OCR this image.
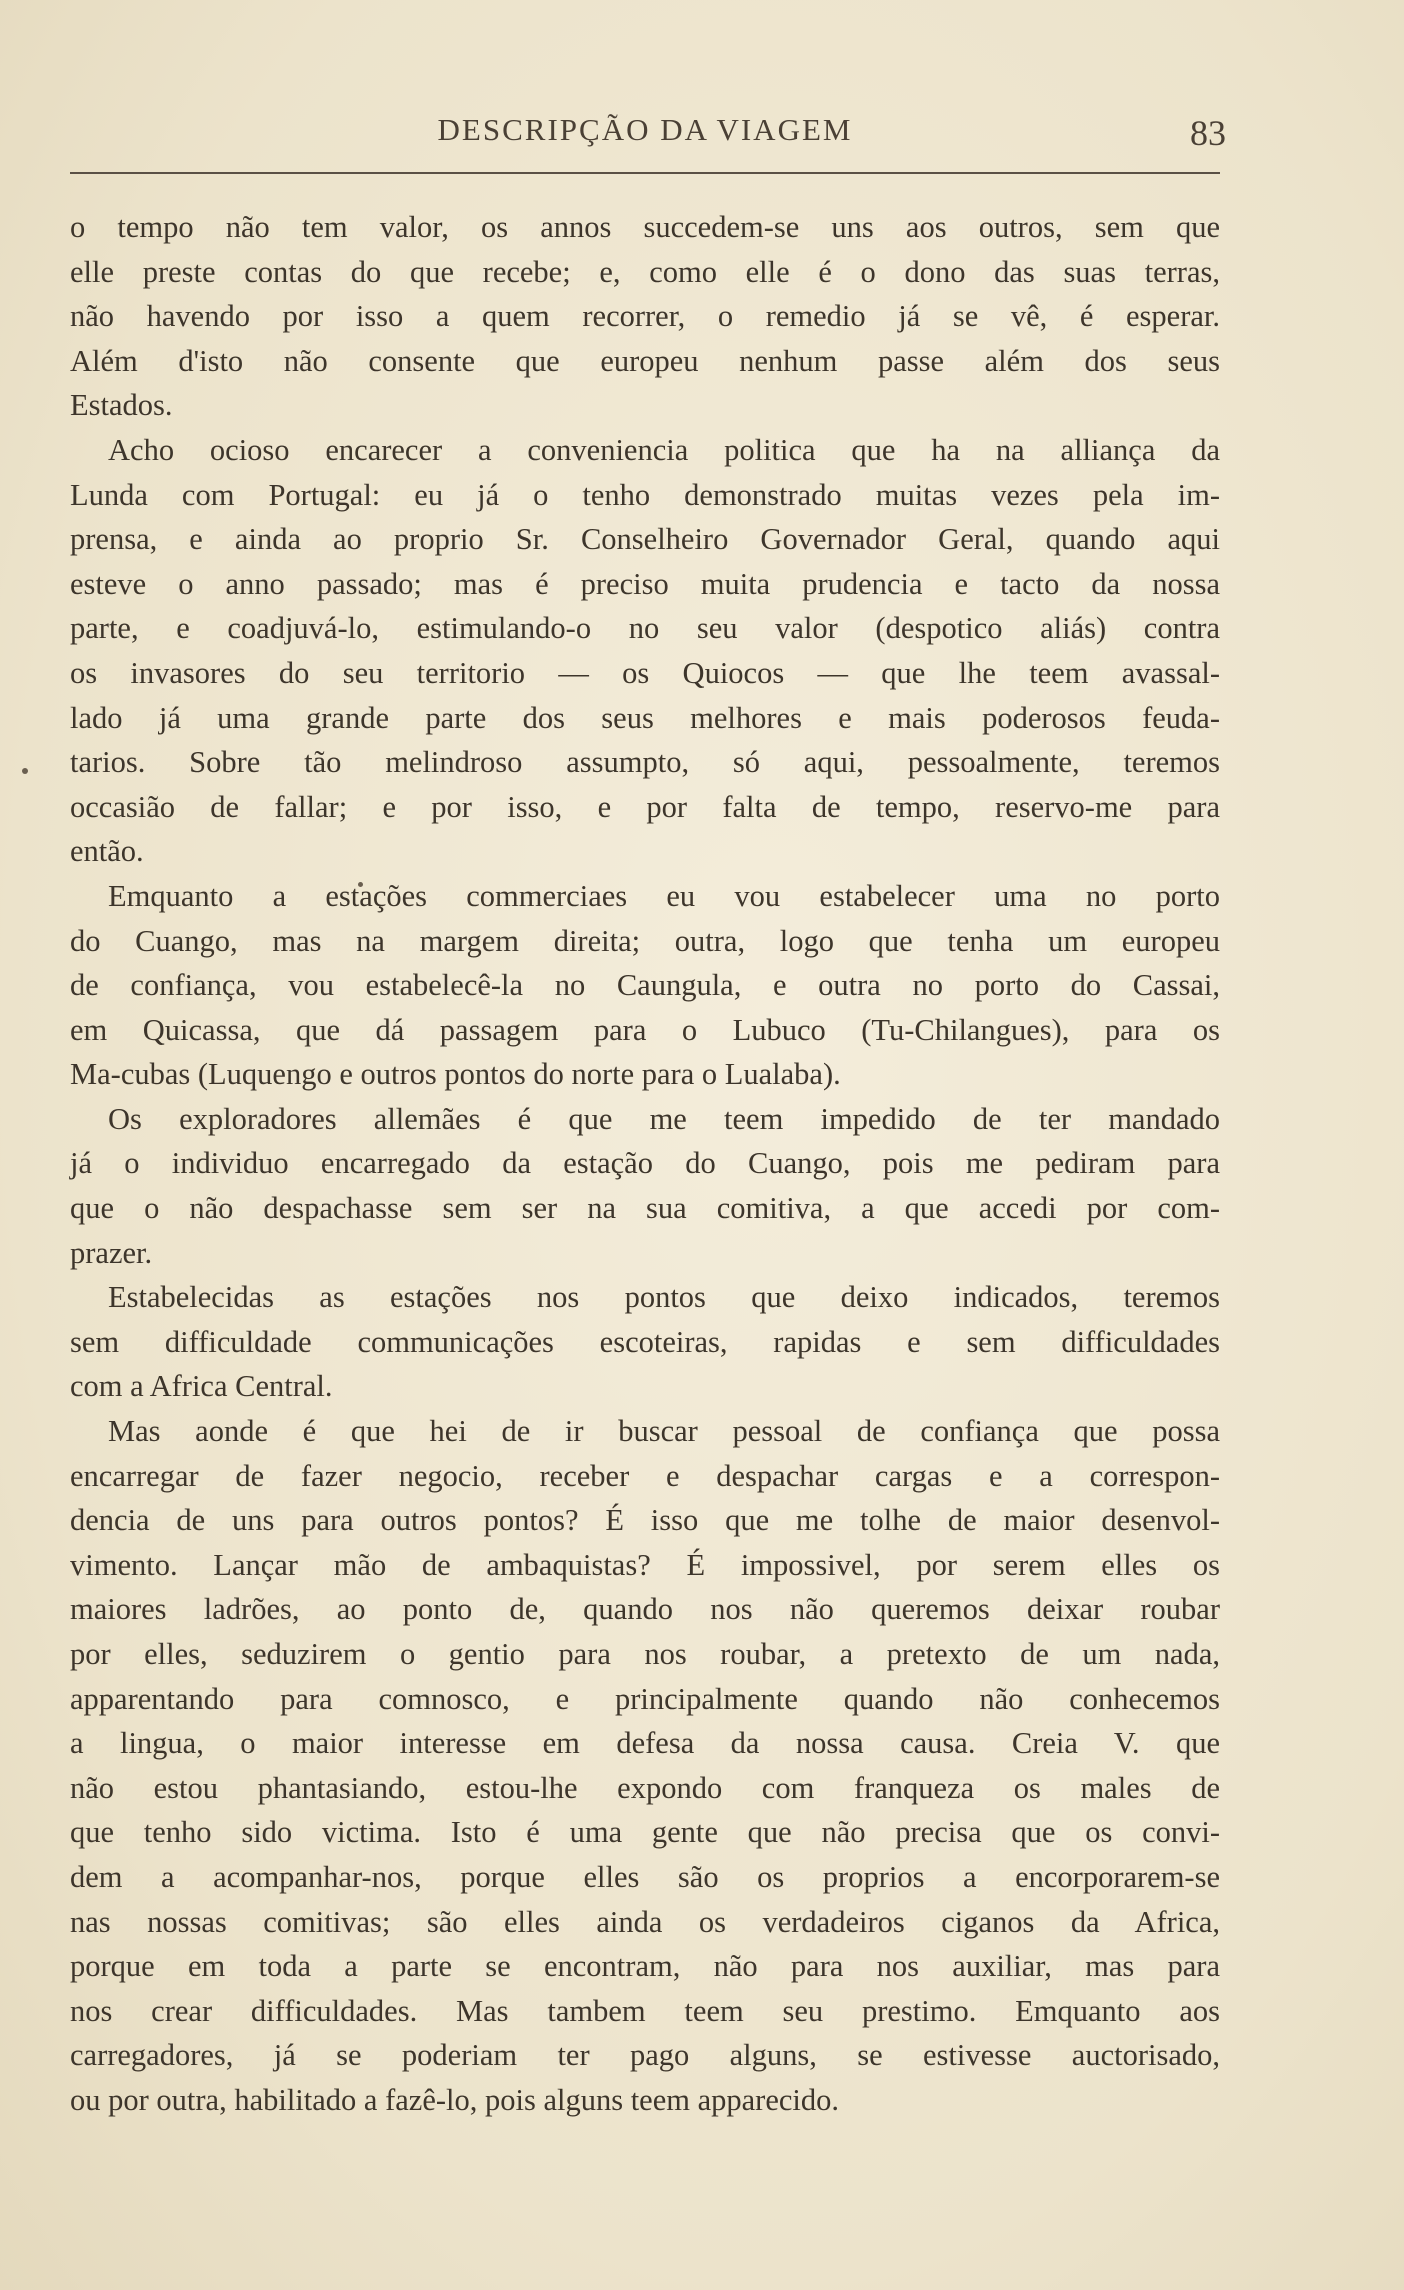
DESCRIPÇÃO DA VIAGEM	83
o tempo não tem valor, os annos succedem-se uns aos outros, sem que
elle preste contas do que recebe; e, como elle é o dono das suas terras,
não havendo por isso a quem recorrer, o remedio já se vê, é esperar.
Além d'isto não consente que europeu nenhum passe além dos seus
Estados.
Acho ocioso encarecer a conveniencia politica que ha na alliança da
Lunda com Portugal: eu já o tenho demonstrado muitas vezes pela im-
prensa, e ainda ao proprio Sr. Conselheiro Governador Geral, quando aqui
esteve o anno passado; mas é preciso muita prudencia e tacto da nossa
parte, e coadjuvá-lo, estimulando-o no seu valor (despotico aliás) contra
os invasores do seu territorio — os Quiocos — que lhe teem avassal-
lado já uma grande parte dos seus melhores e mais poderosos feuda-
tarios. Sobre tão melindroso assumpto, só aqui, pessoalmente, teremos
occasião de fallar; e por isso, e por falta de tempo, reservo-me para
então.
Emquanto a estações commerciaes eu vou estabelecer uma no porto
do Cuango, mas na margem direita; outra, logo que tenha um europeu
de confiança, vou estabelecê-la no Caungula, e outra no porto do Cassai,
em Quicassa, que dá passagem para o Lubuco (Tu-Chilangues), para os
Ma-cubas (Luquengo e outros pontos do norte para o Lualaba).
Os exploradores allemães é que me teem impedido de ter mandado
já o individuo encarregado da estação do Cuango, pois me pediram para
que o não despachasse sem ser na sua comitiva, a que accedi por com-
prazer.
Estabelecidas as estações nos pontos que deixo indicados, teremos
sem difficuldade communicações escoteiras, rapidas e sem difficuldades
com a Africa Central.
Mas aonde é que hei de ir buscar pessoal de confiança que possa
encarregar de fazer negocio, receber e despachar cargas e a correspon-
dencia de uns para outros pontos? É isso que me tolhe de maior desenvol-
vimento. Lançar mão de ambaquistas? É impossivel, por serem elles os
maiores ladrões, ao ponto de, quando nos não queremos deixar roubar
por elles, seduzirem o gentio para nos roubar, a pretexto de um nada,
apparentando para comnosco, e principalmente quando não conhecemos
a lingua, o maior interesse em defesa da nossa causa. Creia V. que
não estou phantasiando, estou-lhe expondo com franqueza os males de
que tenho sido victima. Isto é uma gente que não precisa que os convi-
dem a acompanhar-nos, porque elles são os proprios a encorporarem-se
nas nossas comitivas; são elles ainda os verdadeiros ciganos da Africa,
porque em toda a parte se encontram, não para nos auxiliar, mas para
nos crear difficuldades. Mas tambem teem seu prestimo. Emquanto aos
carregadores, já se poderiam ter pago alguns, se estivesse auctorisado,
ou por outra, habilitado a fazê-lo, pois alguns teem apparecido.
